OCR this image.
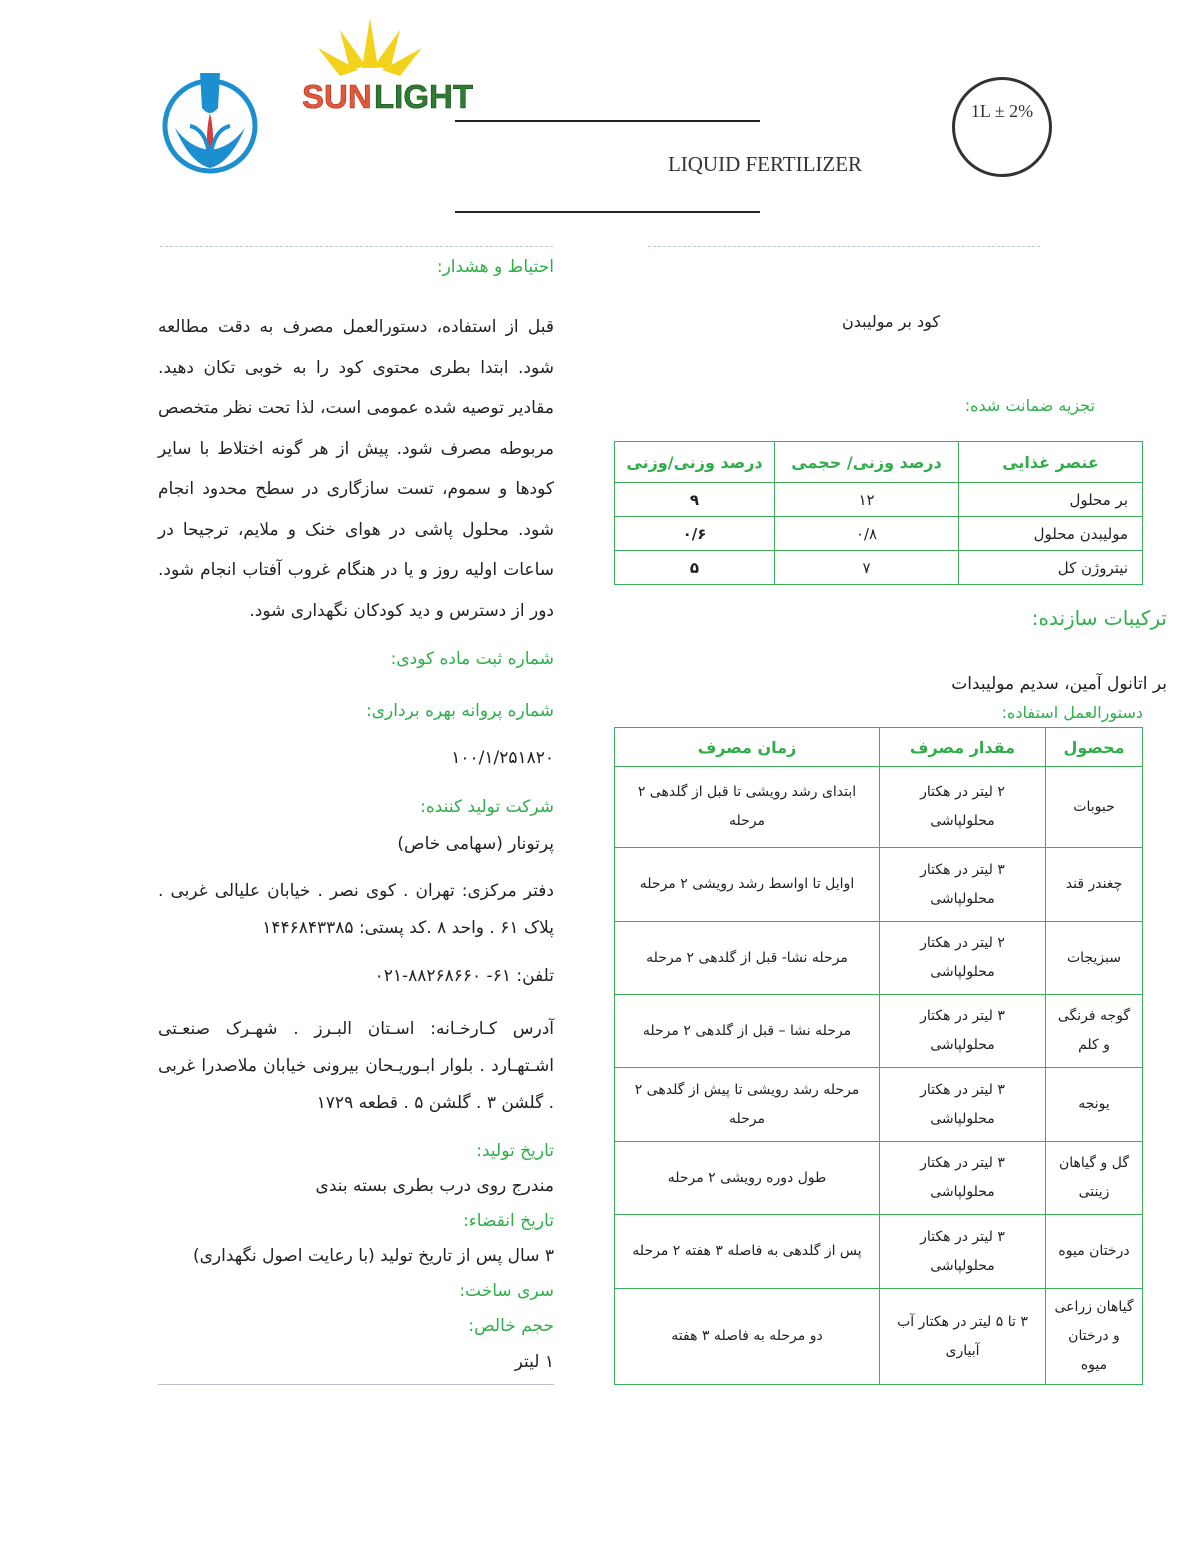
SUN LIGHT
LIQUID FERTILIZER
1L ± 2%

احتیاط و هشدار:

قبل از استفاده، دستورالعمل مصرف به دقت مطالعه شود. ابتدا بطری محتوی کود را به خوبی تکان دهید. مقادیر توصیه شده عمومی است، لذا تحت نظر متخصص مربوطه مصرف شود. پیش از هر گونه اختلاط با سایر کودها و سموم، تست سازگاری در سطح محدود انجام شود. محلول پاشی در هوای خنک و ملایم، ترجیحا در ساعات اولیه روز و یا در هنگام غروب آفتاب انجام شود. دور از دسترس و دید کودکان نگهداری شود.

شماره ثبت ماده کودی:

شماره پروانه بهره برداری:

۱۰۰/۱/۲۵۱۸۲۰

شرکت تولید کننده:

پرتونار (سهامی خاص)

دفتر مرکزی: تهران . کوی نصر . خیابان علیالی غربی . پلاک ۶۱ . واحد ۸ .کد پستی: ۱۴۴۶۸۴۳۳۸۵

تلفن: ۶۱- ۸۸۲۶۸۶۶۰-۰۲۱

آدرس کـارخـانه: اسـتان البـرز . شهـرک صنعـتی اشـتهـارد . بلوار ابـوریـحان بیرونی خیابان ملاصدرا غربی . گلشن ۳ . گلشن ۵ . قطعه ۱۷۲۹

تاریخ تولید:

مندرج روی درب بطری بسته بندی

تاریخ انقضاء:

۳ سال پس از تاریخ تولید (با رعایت اصول نگهداری)

سری ساخت:

حجم خالص:

۱ لیتر

کود بر مولیبدن
تجزیه ضمانت شده:
عنصر غذایی	درصد وزنی/ حجمی	درصد وزنی/وزنی
بر محلول	۱۲	۹
مولیبدن محلول	۰/۸	۰/۶
نیتروژن کل	۷	۵
ترکیبات سازنده:
بر اتانول آمین، سدیم مولیبدات
دستورالعمل استفاده:
محصول	مقدار مصرف	زمان مصرف
حبوبات	۲ لیتر در هکتار محلولپاشی	ابتدای رشد رویشی تا قبل از گلدهی ۲ مرحله
چغندر قند	۳ لیتر در هکتار محلولپاشی	اوایل تا اواسط رشد رویشی ۲ مرحله
سبزیجات	۲ لیتر در هکتار محلولپاشی	مرحله نشا- قبل از گلدهی ۲ مرحله
گوجه فرنگی و کلم	۳ لیتر در هکتار محلولپاشی	مرحله نشا – قبل از گلدهی ۲ مرحله
یونجه	۳ لیتر در هکتار محلولپاشی	مرحله رشد رویشی تا پیش از گلدهی ۲ مرحله
گل و گیاهان زینتی	۳ لیتر در هکتار محلولپاشی	طول دوره رویشی ۲ مرحله
درختان میوه	۳ لیتر در هکتار محلولپاشی	پس از گلدهی به فاصله ۳ هفته ۲ مرحله
گیاهان زراعی و درختان میوه	۳ تا ۵ لیتر در هکتار آب آبیاری	دو مرحله به فاصله ۳ هفته
